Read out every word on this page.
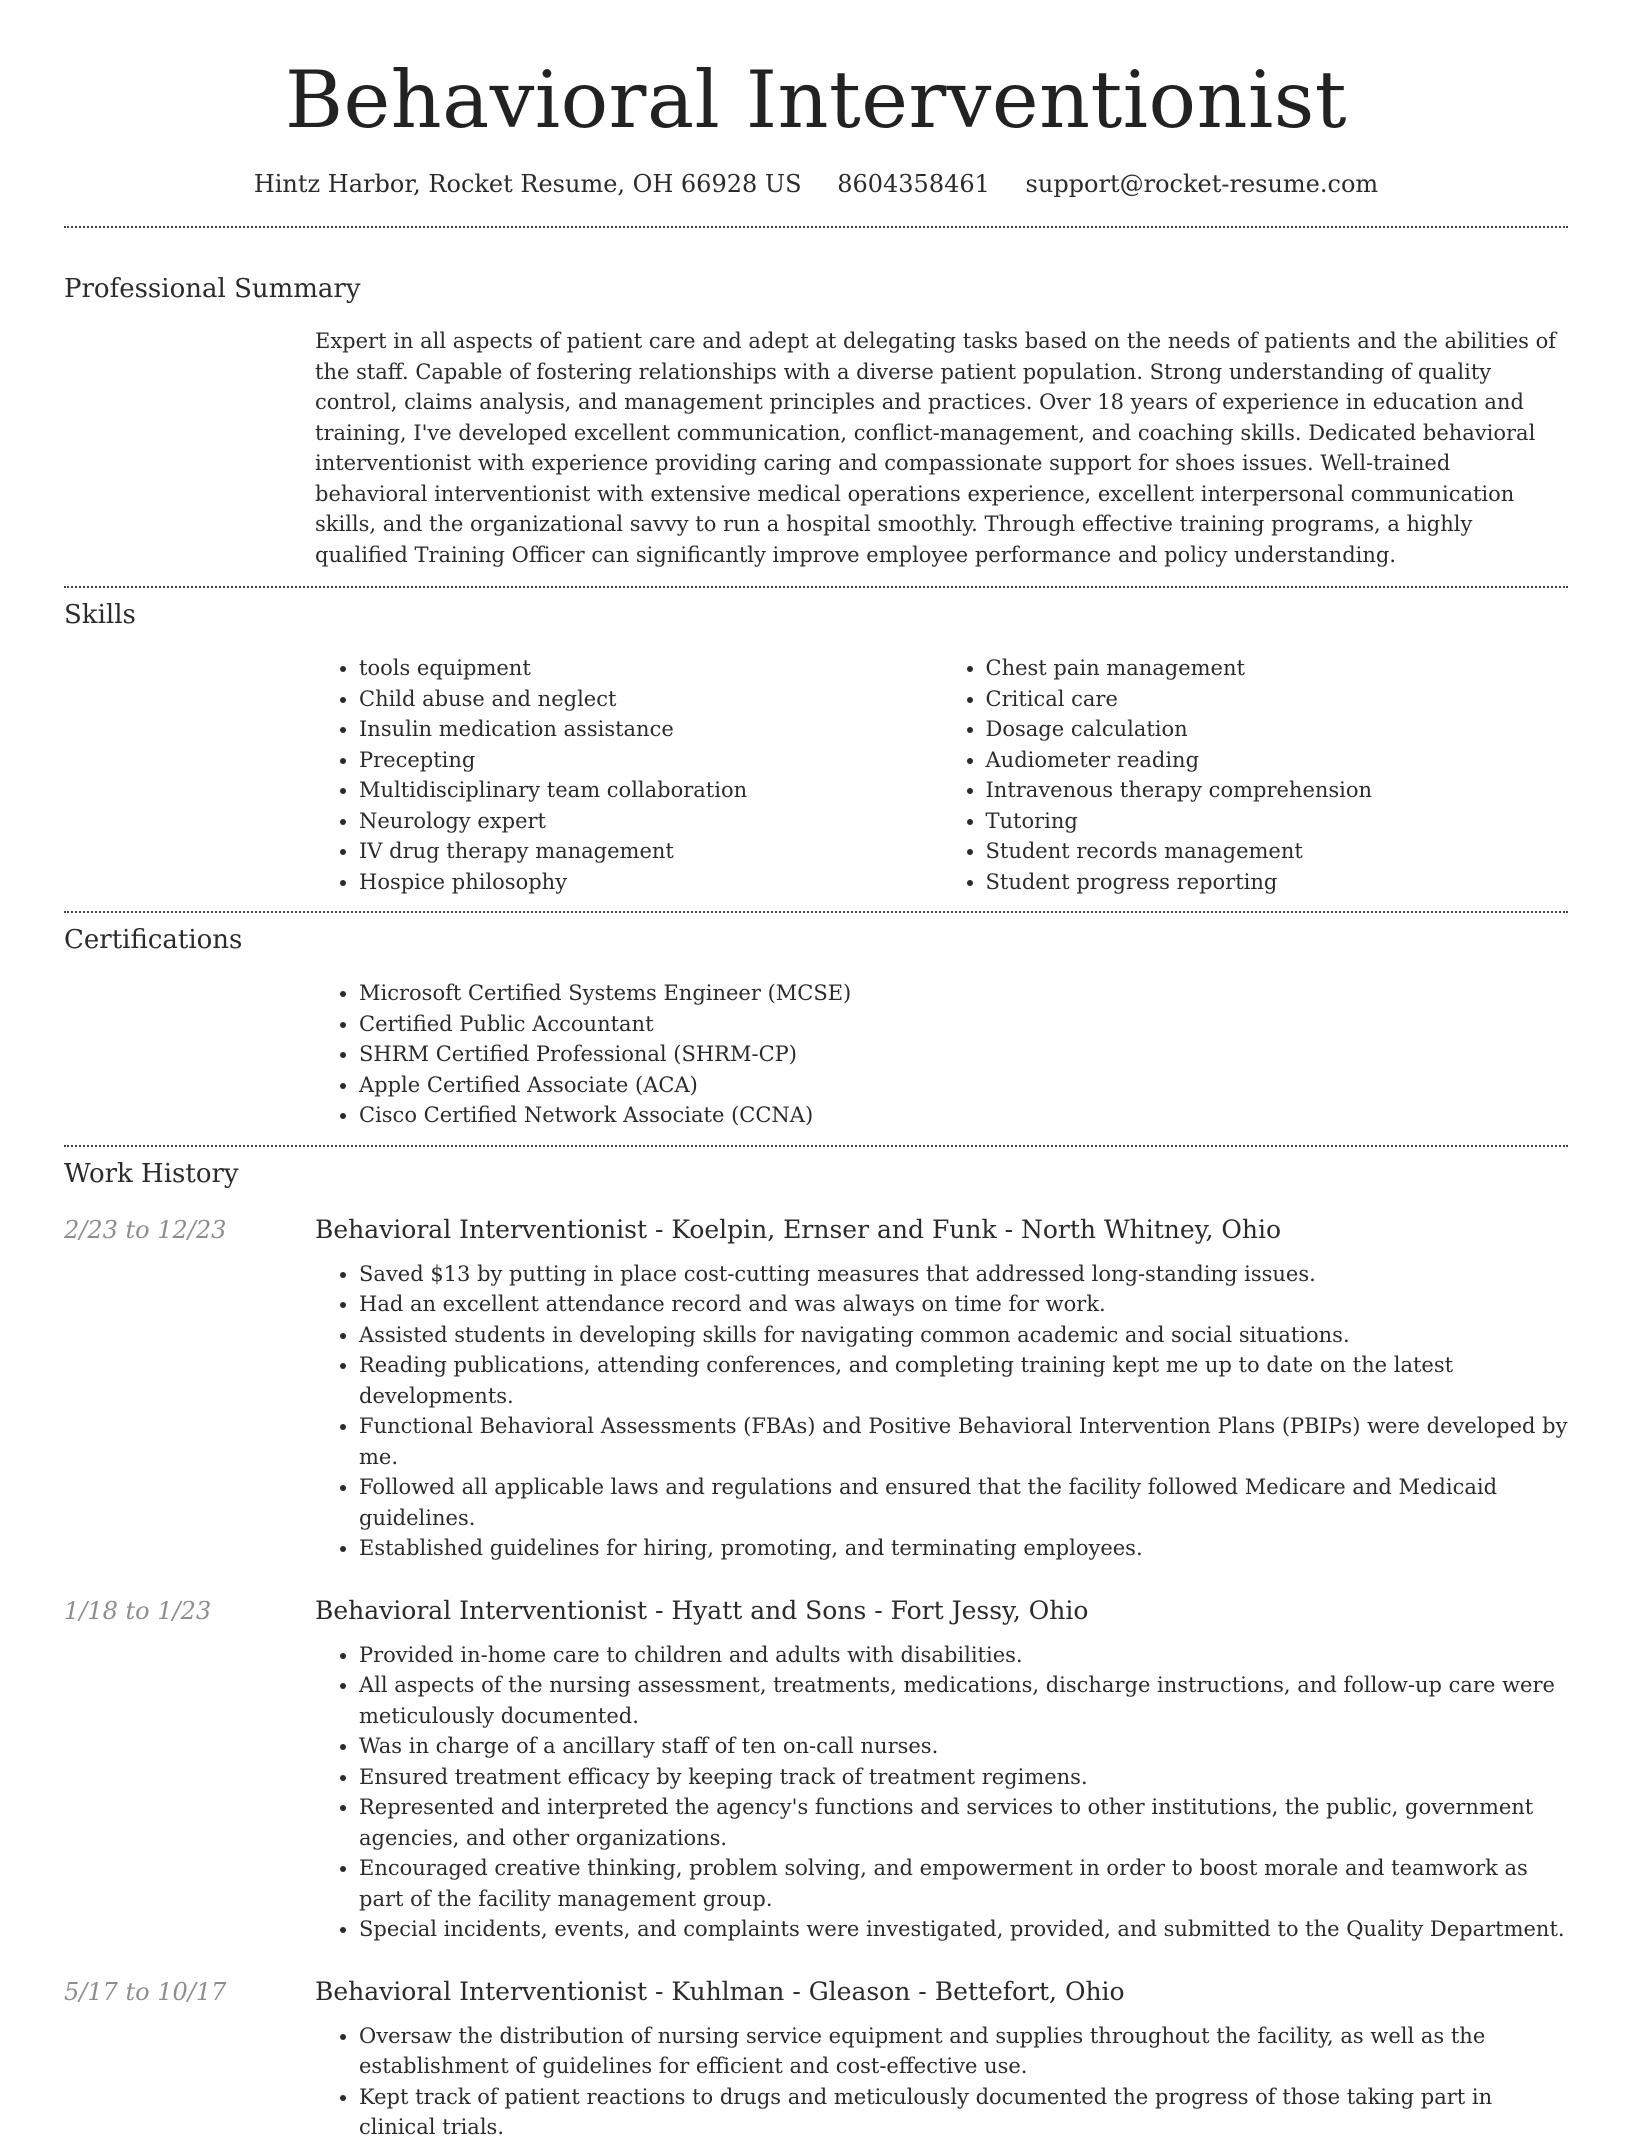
Behavioral Interventionist
Hintz Harbor, Rocket Resume, OH 66928 US 8604358461 support@rocket-resume.com
Professional Summary

Expert in all aspects of patient care and adept at delegating tasks based on the needs of patients and the abilities of the staff. Capable of fostering relationships with a diverse patient population. Strong understanding of quality control, claims analysis, and management principles and practices. Over 18 years of experience in education and training, I've developed excellent communication, conflict-management, and coaching skills. Dedicated behavioral interventionist with experience providing caring and compassionate support for shoes issues. Well-trained behavioral interventionist with extensive medical operations experience, excellent interpersonal communication skills, and the organizational savvy to run a hospital smoothly. Through effective training programs, a highly qualified Training Officer can significantly improve employee performance and policy understanding.

Skills
• tools equipment
• Child abuse and neglect
• Insulin medication assistance
• Precepting
• Multidisciplinary team collaboration
• Neurology expert
• IV drug therapy management
• Hospice philosophy
• Chest pain management
• Critical care
• Dosage calculation
• Audiometer reading
• Intravenous therapy comprehension
• Tutoring
• Student records management
• Student progress reporting
Certifications
• Microsoft Certified Systems Engineer (MCSE)
• Certified Public Accountant
• SHRM Certified Professional (SHRM-CP)
• Apple Certified Associate (ACA)
• Cisco Certified Network Associate (CCNA)
Work History
2/23 to 12/23	Behavioral Interventionist - Koelpin, Ernser and Funk - North Whitney, Ohio
• Saved $13 by putting in place cost-cutting measures that addressed long-standing issues.
• Had an excellent attendance record and was always on time for work.
• Assisted students in developing skills for navigating common academic and social situations.
• Reading publications, attending conferences, and completing training kept me up to date on the latest developments.
• Functional Behavioral Assessments (FBAs) and Positive Behavioral Intervention Plans (PBIPs) were developed by me.
• Followed all applicable laws and regulations and ensured that the facility followed Medicare and Medicaid guidelines.
• Established guidelines for hiring, promoting, and terminating employees.
1/18 to 1/23	Behavioral Interventionist - Hyatt and Sons - Fort Jessy, Ohio
• Provided in-home care to children and adults with disabilities.
• All aspects of the nursing assessment, treatments, medications, discharge instructions, and follow-up care were meticulously documented.
• Was in charge of a ancillary staff of ten on-call nurses.
• Ensured treatment efficacy by keeping track of treatment regimens.
• Represented and interpreted the agency's functions and services to other institutions, the public, government agencies, and other organizations.
• Encouraged creative thinking, problem solving, and empowerment in order to boost morale and teamwork as part of the facility management group.
• Special incidents, events, and complaints were investigated, provided, and submitted to the Quality Department.
5/17 to 10/17	Behavioral Interventionist - Kuhlman - Gleason - Bettefort, Ohio
• Oversaw the distribution of nursing service equipment and supplies throughout the facility, as well as the establishment of guidelines for efficient and cost-effective use.
• Kept track of patient reactions to drugs and meticulously documented the progress of those taking part in clinical trials.
